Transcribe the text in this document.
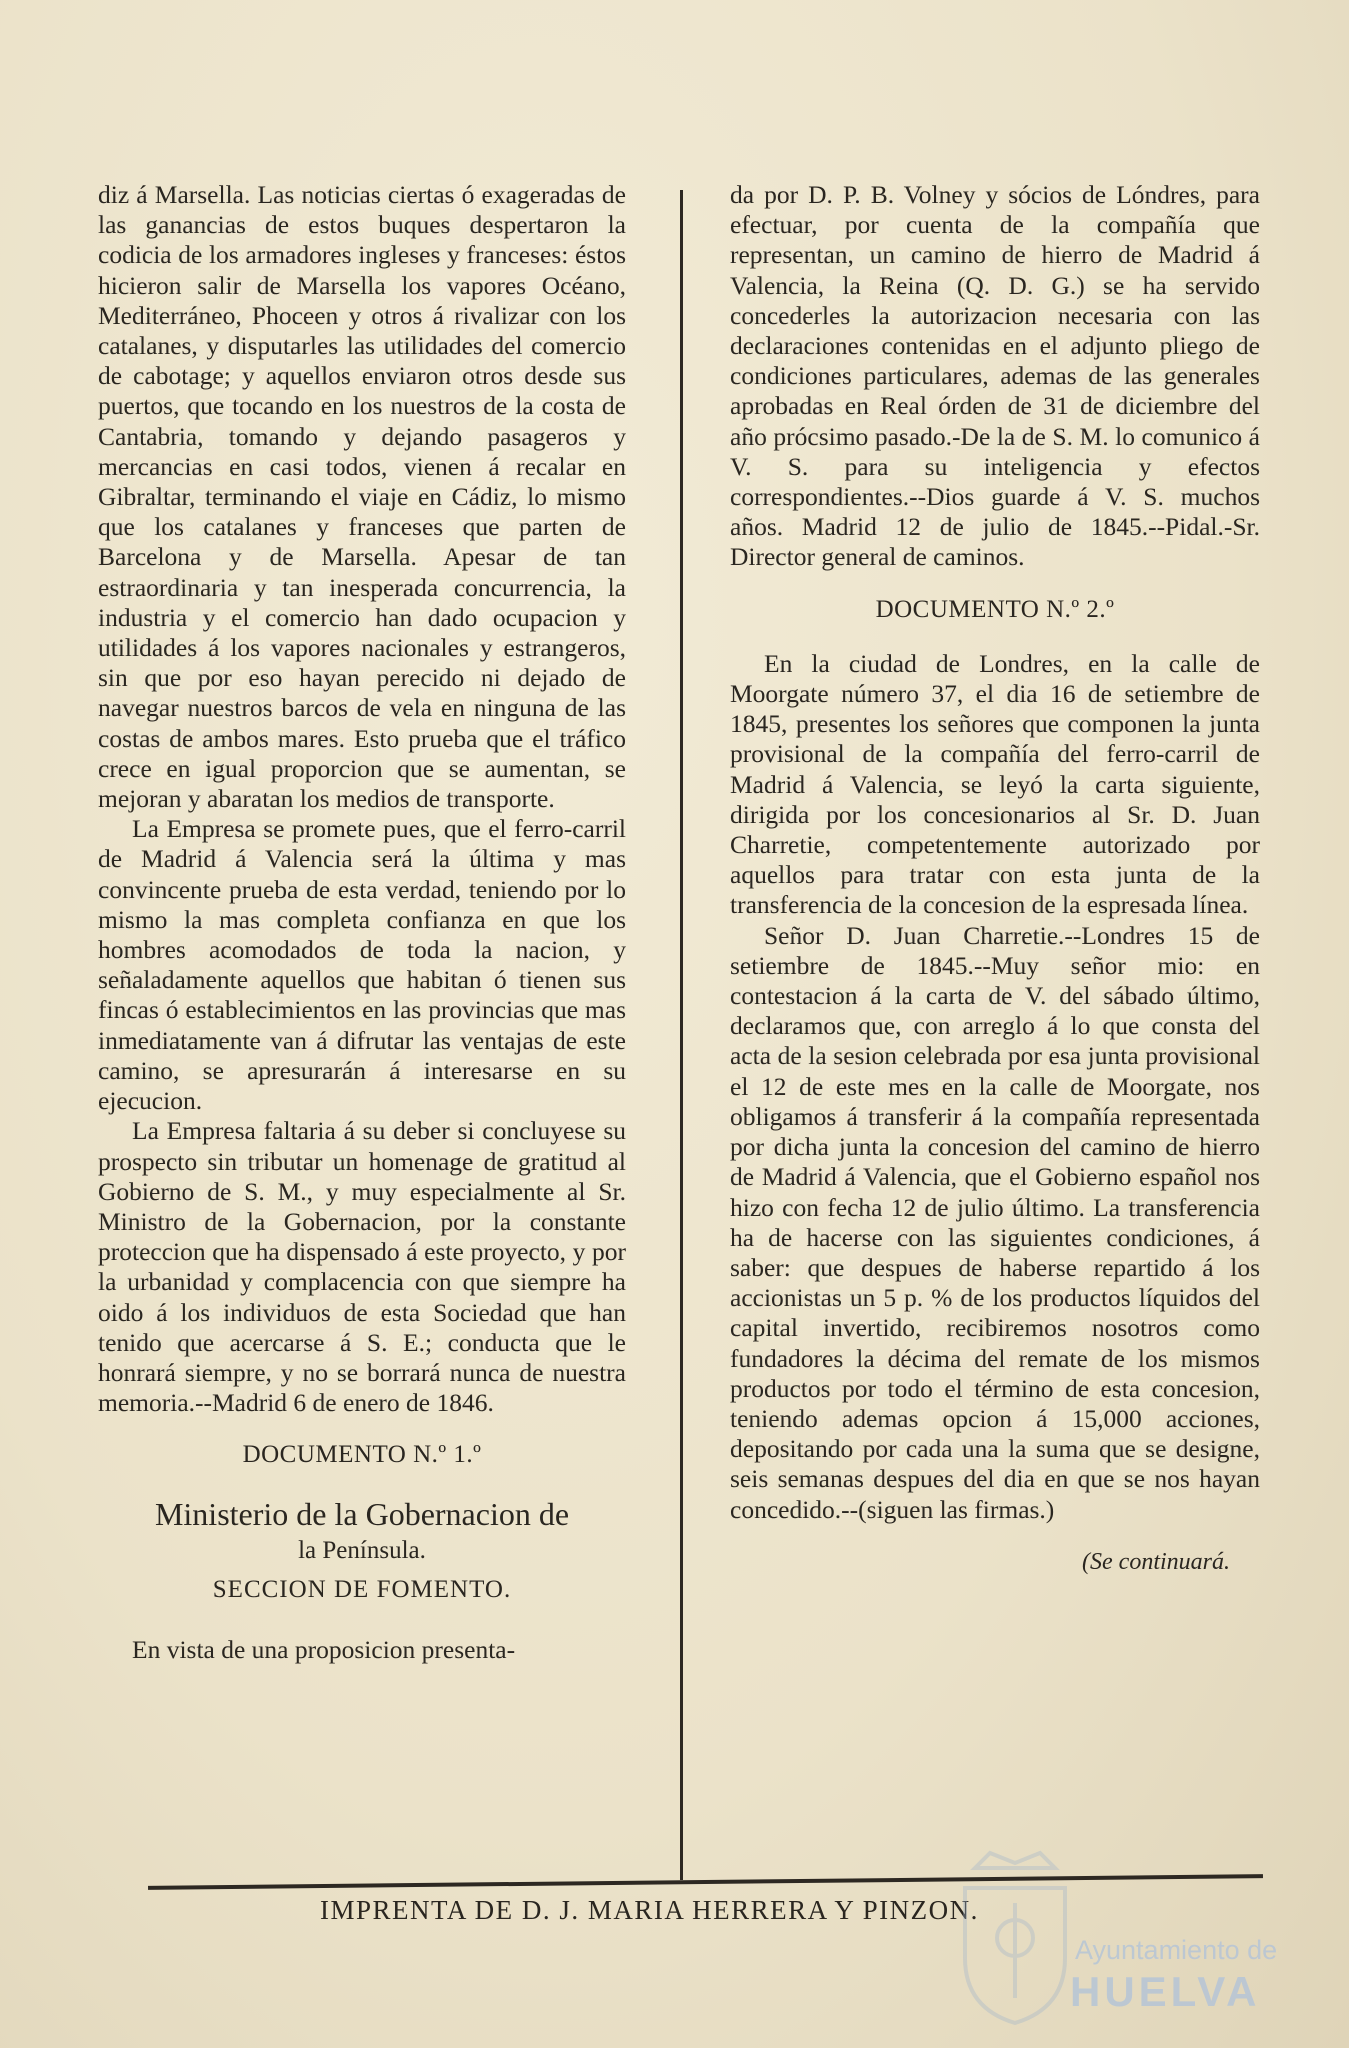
diz á Marsella. Las noticias ciertas ó exageradas de las ganancias de estos buques despertaron la codicia de los armadores ingleses y franceses: éstos hicieron salir de Marsella los vapores Océano, Mediterráneo, Phoceen y otros á rivalizar con los catalanes, y disputarles las utilidades del comercio de cabotage; y aquellos enviaron otros desde sus puertos, que tocando en los nuestros de la costa de Cantabria, tomando y dejando pasageros y mercancias en casi todos, vienen á recalar en Gibraltar, terminando el viaje en Cádiz, lo mismo que los catalanes y franceses que parten de Barcelona y de Marsella. Apesar de tan estraordinaria y tan inesperada concurrencia, la industria y el comercio han dado ocupacion y utilidades á los vapores nacionales y estrangeros, sin que por eso hayan perecido ni dejado de navegar nuestros barcos de vela en ninguna de las costas de ambos mares. Esto prueba que el tráfico crece en igual proporcion que se aumentan, se mejoran y abaratan los medios de transporte.

La Empresa se promete pues, que el ferro-carril de Madrid á Valencia será la última y mas convincente prueba de esta verdad, teniendo por lo mismo la mas completa confianza en que los hombres acomodados de toda la nacion, y señaladamente aquellos que habitan ó tienen sus fincas ó establecimientos en las provincias que mas inmediatamente van á difrutar las ventajas de este camino, se apresurarán á interesarse en su ejecucion.

La Empresa faltaria á su deber si concluyese su prospecto sin tributar un homenage de gratitud al Gobierno de S. M., y muy especialmente al Sr. Ministro de la Gobernacion, por la constante proteccion que ha dispensado á este proyecto, y por la urbanidad y complacencia con que siempre ha oido á los individuos de esta Sociedad que han tenido que acercarse á S. E.; conducta que le honrará siempre, y no se borrará nunca de nuestra memoria.--Madrid 6 de enero de 1846.

DOCUMENTO N.º 1.º
Ministerio de la Gobernacion de
la Península.
SECCION DE FOMENTO.

En vista de una proposicion presenta-

da por D. P. B. Volney y sócios de Lóndres, para efectuar, por cuenta de la compañía que representan, un camino de hierro de Madrid á Valencia, la Reina (Q. D. G.) se ha servido concederles la autorizacion necesaria con las declaraciones contenidas en el adjunto pliego de condiciones particulares, ademas de las generales aprobadas en Real órden de 31 de diciembre del año prócsimo pasado.-De la de S. M. lo comunico á V. S. para su inteligencia y efectos correspondientes.--Dios guarde á V. S. muchos años. Madrid 12 de julio de 1845.--Pidal.-Sr. Director general de caminos.

DOCUMENTO N.º 2.º

En la ciudad de Londres, en la calle de Moorgate número 37, el dia 16 de setiembre de 1845, presentes los señores que componen la junta provisional de la compañía del ferro-carril de Madrid á Valencia, se leyó la carta siguiente, dirigida por los concesionarios al Sr. D. Juan Charretie, competentemente autorizado por aquellos para tratar con esta junta de la transferencia de la concesion de la espresada línea.

Señor D. Juan Charretie.--Londres 15 de setiembre de 1845.--Muy señor mio: en contestacion á la carta de V. del sábado último, declaramos que, con arreglo á lo que consta del acta de la sesion celebrada por esa junta provisional el 12 de este mes en la calle de Moorgate, nos obligamos á transferir á la compañía representada por dicha junta la concesion del camino de hierro de Madrid á Valencia, que el Gobierno español nos hizo con fecha 12 de julio último. La transferencia ha de hacerse con las siguientes condiciones, á saber: que despues de haberse repartido á los accionistas un 5 p. % de los productos líquidos del capital invertido, recibiremos nosotros como fundadores la décima del remate de los mismos productos por todo el término de esta concesion, teniendo ademas opcion á 15,000 acciones, depositando por cada una la suma que se designe, seis semanas despues del dia en que se nos hayan concedido.--(siguen las firmas.)

(Se continuará.
IMPRENTA DE D. J. MARIA HERRERA Y PINZON.
Ayuntamiento de
HUELVA
